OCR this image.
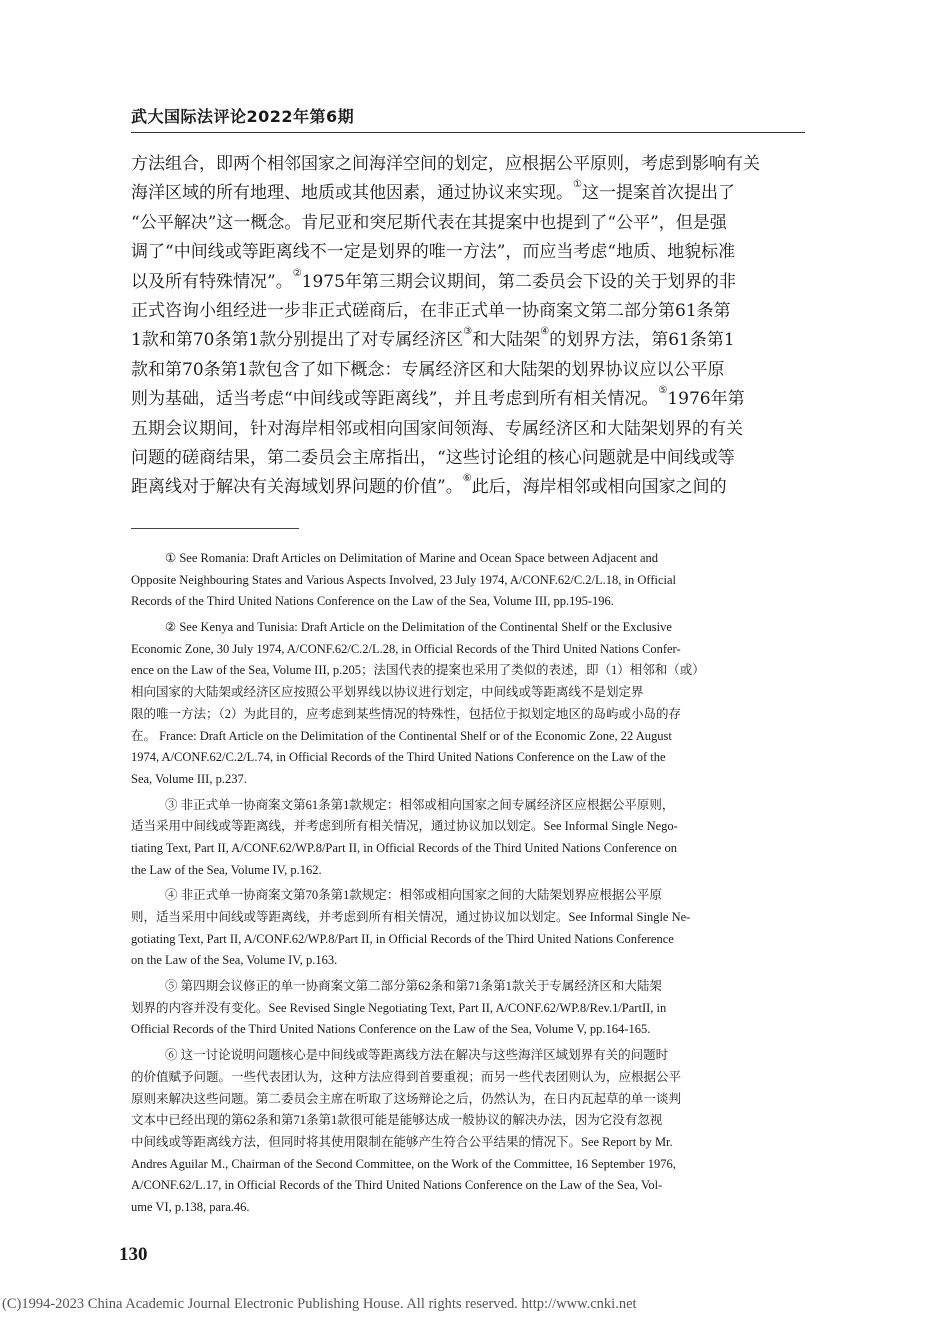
武大国际法评论2022年第6期
方法组合，即两个相邻国家之间海洋空间的划定，应根据公平原则，考虑到影响有关
海洋区域的所有地理、地质或其他因素，通过协议来实现。①这一提案首次提出了
“公平解决”这一概念。肯尼亚和突尼斯代表在其提案中也提到了“公平”，但是强
调了“中间线或等距离线不一定是划界的唯一方法”，而应当考虑“地质、地貌标准
以及所有特殊情况”。②1975年第三期会议期间，第二委员会下设的关于划界的非
正式咨询小组经进一步非正式磋商后，在非正式单一协商案文第二部分第61条第
1款和第70条第1款分别提出了对专属经济区③和大陆架④的划界方法，第61条第1
款和第70条第1款包含了如下概念：专属经济区和大陆架的划界协议应以公平原
则为基础，适当考虑“中间线或等距离线”，并且考虑到所有相关情况。⑤1976年第
五期会议期间，针对海岸相邻或相向国家间领海、专属经济区和大陆架划界的有关
问题的磋商结果，第二委员会主席指出，“这些讨论组的核心问题就是中间线或等
距离线对于解决有关海域划界问题的价值”。⑥此后，海岸相邻或相向国家之间的
① See Romania: Draft Articles on Delimitation of Marine and Ocean Space between Adjacent and
Opposite Neighbouring States and Various Aspects Involved, 23 July 1974, A/CONF.62/C.2/L.18, in Official
Records of the Third United Nations Conference on the Law of the Sea, Volume III, pp.195-196.
② See Kenya and Tunisia: Draft Article on the Delimitation of the Continental Shelf or the Exclusive
Economic Zone, 30 July 1974, A/CONF.62/C.2/L.28, in Official Records of the Third United Nations Confer-
ence on the Law of the Sea, Volume III, p.205；法国代表的提案也采用了类似的表述，即（1）相邻和（或）
相向国家的大陆架或经济区应按照公平划界线以协议进行划定，中间线或等距离线不是划定界
限的唯一方法；（2）为此目的，应考虑到某些情况的特殊性，包括位于拟划定地区的岛屿或小岛的存
在。 France: Draft Article on the Delimitation of the Continental Shelf or of the Economic Zone, 22 August
1974, A/CONF.62/C.2/L.74, in Official Records of the Third United Nations Conference on the Law of the
Sea, Volume III, p.237.
③ 非正式单一协商案文第61条第1款规定：相邻或相向国家之间专属经济区应根据公平原则，
适当采用中间线或等距离线，并考虑到所有相关情况，通过协议加以划定。See Informal Single Nego-
tiating Text, Part II, A/CONF.62/WP.8/Part II, in Official Records of the Third United Nations Conference on
the Law of the Sea, Volume IV, p.162.
④ 非正式单一协商案文第70条第1款规定：相邻或相向国家之间的大陆架划界应根据公平原
则，适当采用中间线或等距离线，并考虑到所有相关情况，通过协议加以划定。See Informal Single Ne-
gotiating Text, Part II, A/CONF.62/WP.8/Part II, in Official Records of the Third United Nations Conference
on the Law of the Sea, Volume IV, p.163.
⑤ 第四期会议修正的单一协商案文第二部分第62条和第71条第1款关于专属经济区和大陆架
划界的内容并没有变化。See Revised Single Negotiating Text, Part II, A/CONF.62/WP.8/Rev.1/PartII, in
Official Records of the Third United Nations Conference on the Law of the Sea, Volume V, pp.164-165.
⑥ 这一讨论说明问题核心是中间线或等距离线方法在解决与这些海洋区域划界有关的问题时
的价值赋予问题。一些代表团认为，这种方法应得到首要重视；而另一些代表团则认为，应根据公平
原则来解决这些问题。第二委员会主席在听取了这场辩论之后，仍然认为，在日内瓦起草的单一谈判
文本中已经出现的第62条和第71条第1款很可能是能够达成一般协议的解决办法，因为它没有忽视
中间线或等距离线方法，但同时将其使用限制在能够产生符合公平结果的情况下。See Report by Mr.
Andres Aguilar M., Chairman of the Second Committee, on the Work of the Committee, 16 September 1976,
A/CONF.62/L.17, in Official Records of the Third United Nations Conference on the Law of the Sea, Vol-
ume VI, p.138, para.46.
130
(C)1994-2023 China Academic Journal Electronic Publishing House. All rights reserved. http://www.cnki.net
